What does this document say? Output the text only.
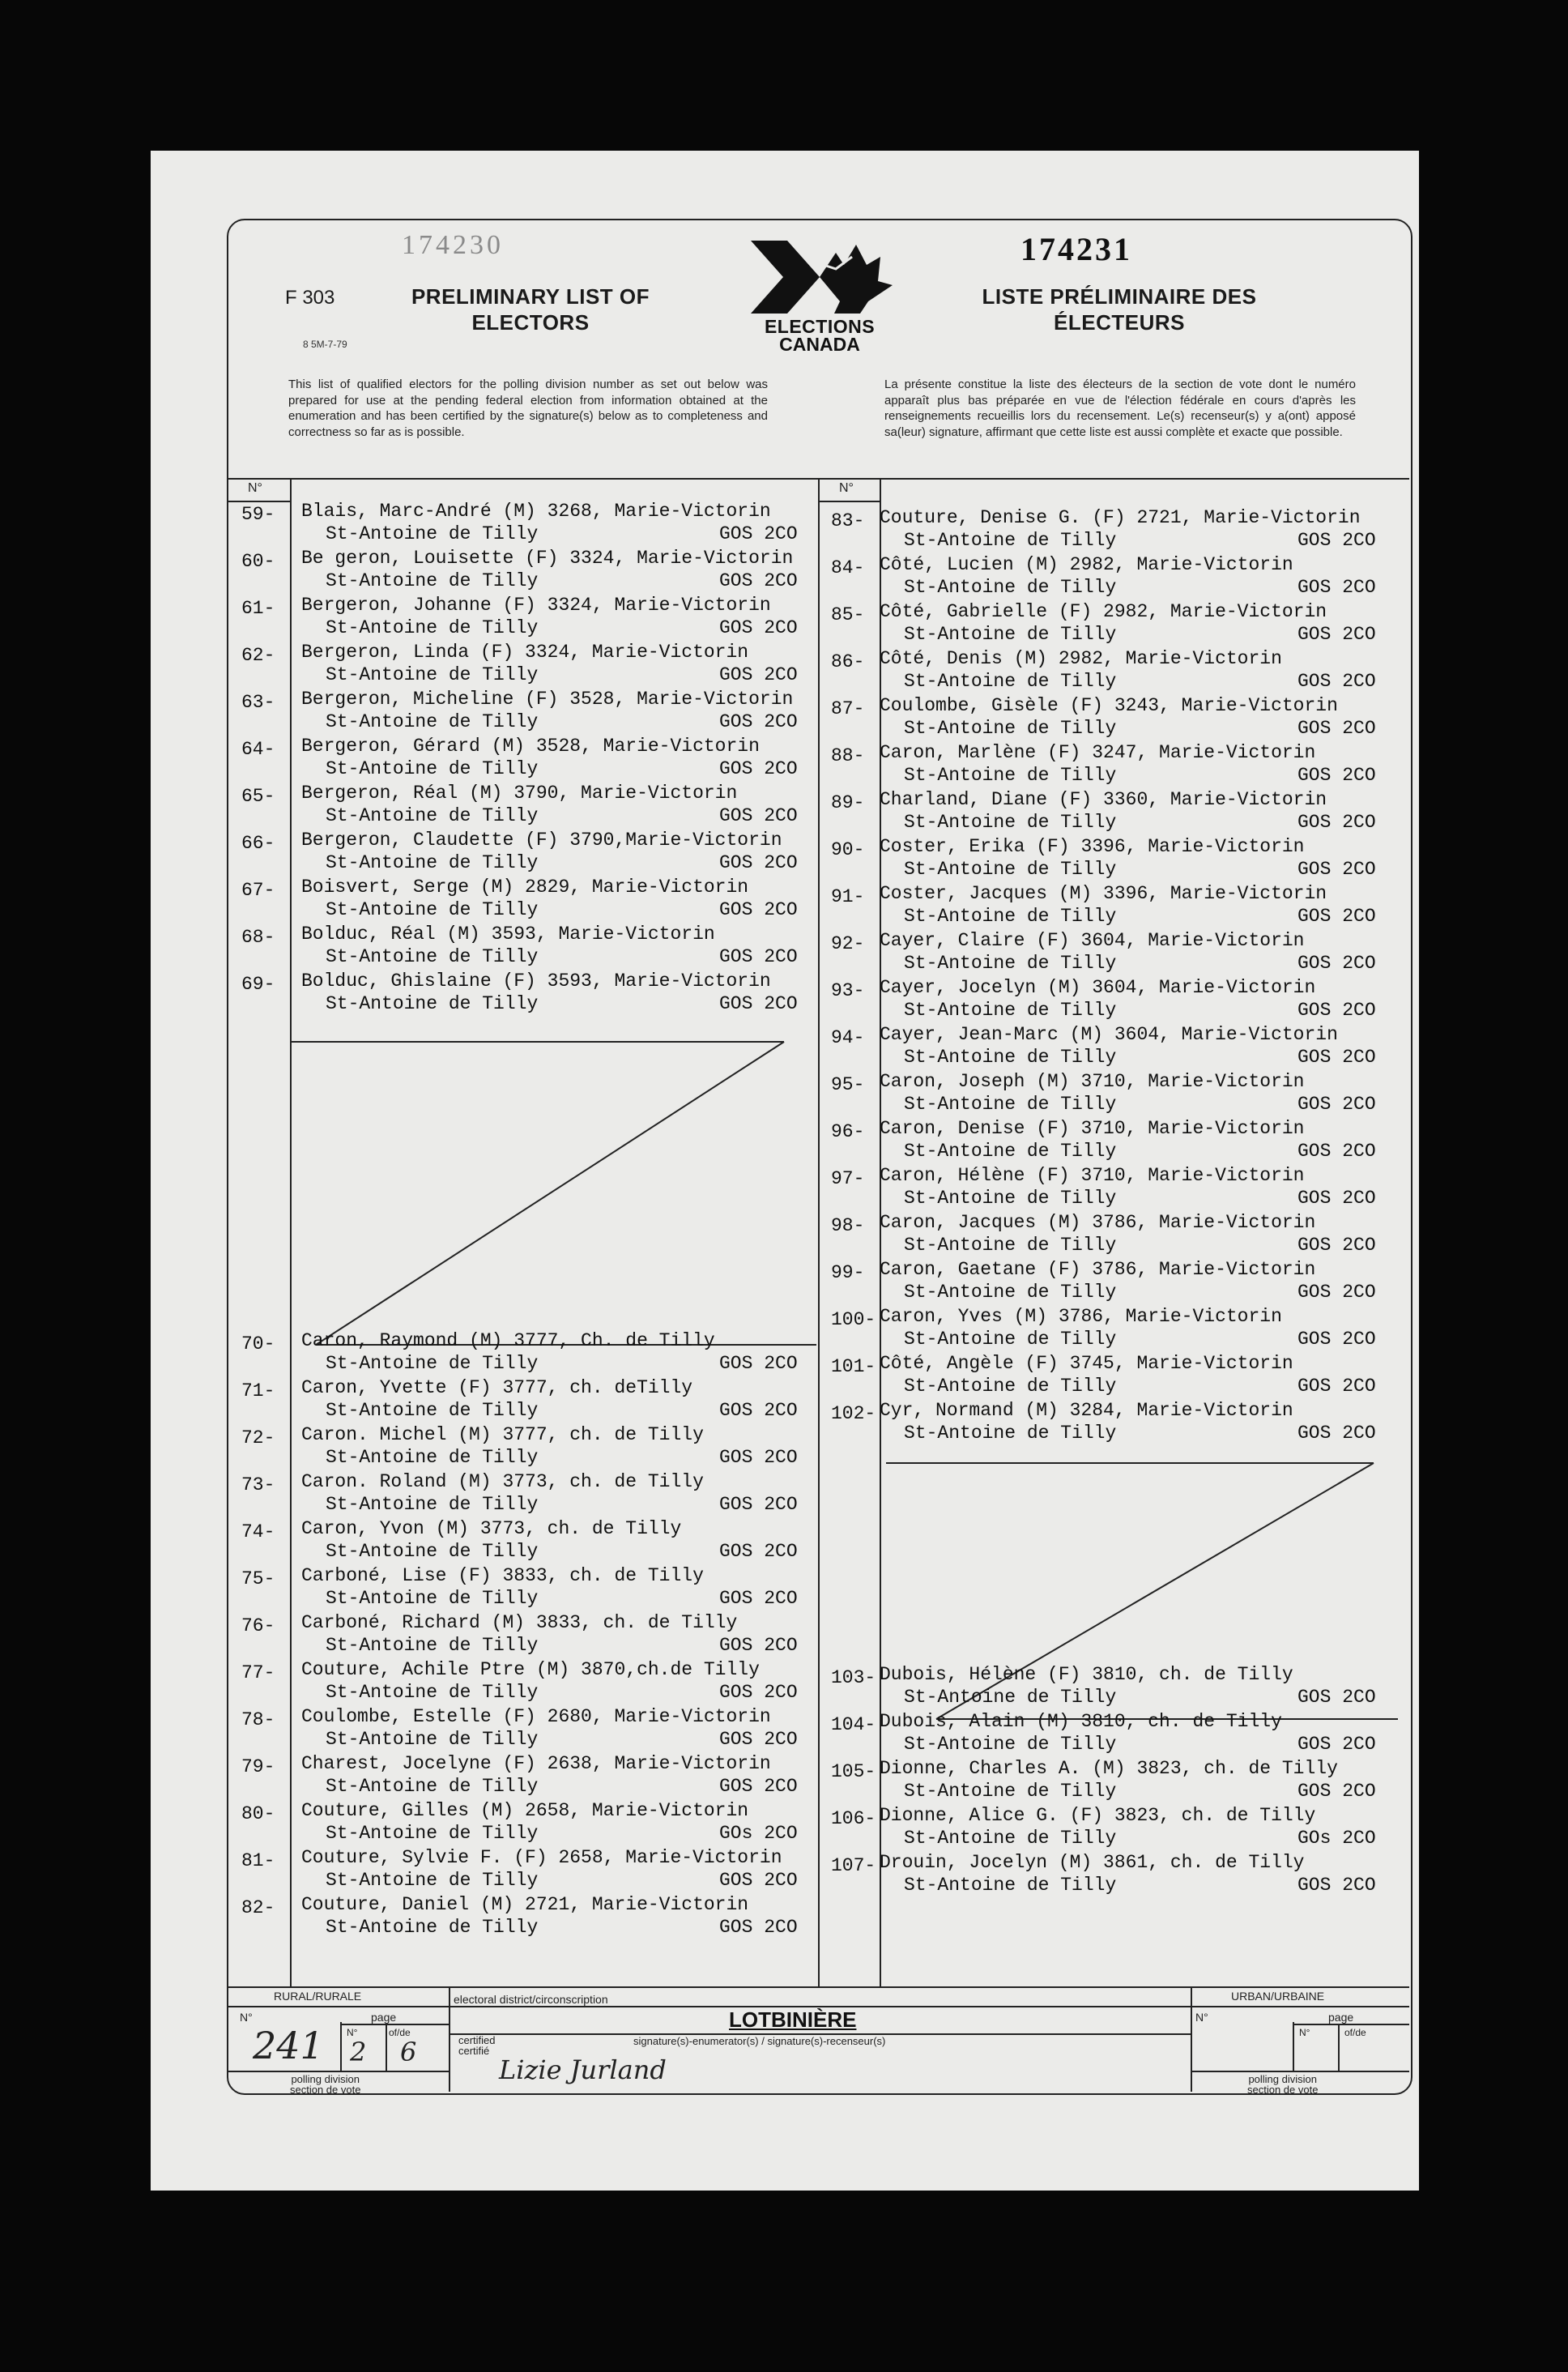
174230	174231
F 303
8 5M-7-79
PRELIMINARY LIST OF
ELECTORS
LISTE PRÉLIMINAIRE DES
ÉLECTEURS
ELECTIONS
CANADA
This list of qualified electors for the polling division number as set out below was prepared for use at the pending federal election from information obtained at the enumeration and has been certified by the signature(s) below as to completeness and correctness so far as is possible.
La présente constitue la liste des électeurs de la section de vote dont le numéro apparaît plus bas préparée en vue de l'élection fédérale en cours d'après les renseignements recueillis lors du recensement. Le(s) recenseur(s) y a(ont) apposé sa(leur) signature, affirmant que cette liste est aussi complète et exacte que possible.
N°	N°
59- Blais, Marc-André (M) 3268, Marie-Victorin
St-Antoine de Tilly	GOS 2CO
60- Be geron, Louisette (F) 3324, Marie-Victorin
St-Antoine de Tilly	GOS 2CO
61- Bergeron, Johanne (F) 3324, Marie-Victorin
St-Antoine de Tilly	GOS 2CO
62- Bergeron, Linda (F) 3324, Marie-Victorin
St-Antoine de Tilly	GOS 2CO
63- Bergeron, Micheline (F) 3528, Marie-Victorin
St-Antoine de Tilly	GOS 2CO
64- Bergeron, Gérard (M) 3528, Marie-Victorin
St-Antoine de Tilly	GOS 2CO
65- Bergeron, Réal (M) 3790, Marie-Victorin
St-Antoine de Tilly	GOS 2CO
66- Bergeron, Claudette (F) 3790,Marie-Victorin
St-Antoine de Tilly	GOS 2CO
67- Boisvert, Serge (M) 2829, Marie-Victorin
St-Antoine de Tilly	GOS 2CO
68- Bolduc, Réal (M) 3593, Marie-Victorin
St-Antoine de Tilly	GOS 2CO
69- Bolduc, Ghislaine (F) 3593, Marie-Victorin
St-Antoine de Tilly	GOS 2CO
70- Caron, Raymond (M) 3777, Ch. de Tilly
St-Antoine de Tilly	GOS 2CO
71- Caron, Yvette (F) 3777, ch. deTilly
St-Antoine de Tilly	GOS 2CO
72- Caron. Michel (M) 3777, ch. de Tilly
St-Antoine de Tilly	GOS 2CO
73- Caron. Roland (M) 3773, ch. de Tilly
St-Antoine de Tilly	GOS 2CO
74- Caron, Yvon (M) 3773, ch. de Tilly
St-Antoine de Tilly	GOS 2CO
75- Carboné, Lise (F) 3833, ch. de Tilly
St-Antoine de Tilly	GOS 2CO
76- Carboné, Richard (M) 3833, ch. de Tilly
St-Antoine de Tilly	GOS 2CO
77- Couture, Achile Ptre (M) 3870,ch.de Tilly
St-Antoine de Tilly	GOS 2CO
78- Coulombe, Estelle (F) 2680, Marie-Victorin
St-Antoine de Tilly	GOS 2CO
79- Charest, Jocelyne (F) 2638, Marie-Victorin
St-Antoine de Tilly	GOS 2CO
80- Couture, Gilles (M) 2658, Marie-Victorin
St-Antoine de Tilly	GOs 2CO
81- Couture, Sylvie F. (F) 2658, Marie-Victorin
St-Antoine de Tilly	GOS 2CO
82- Couture, Daniel (M) 2721, Marie-Victorin
St-Antoine de Tilly	GOS 2CO
83- Couture, Denise G. (F) 2721, Marie-Victorin
St-Antoine de Tilly	GOS 2CO
84- Côté, Lucien (M) 2982, Marie-Victorin
St-Antoine de Tilly	GOS 2CO
85- Côté, Gabrielle (F) 2982, Marie-Victorin
St-Antoine de Tilly	GOS 2CO
86- Côté, Denis (M) 2982, Marie-Victorin
St-Antoine de Tilly	GOS 2CO
87- Coulombe, Gisèle (F) 3243, Marie-Victorin
St-Antoine de Tilly	GOS 2CO
88- Caron, Marlène (F) 3247, Marie-Victorin
St-Antoine de Tilly	GOS 2CO
89- Charland, Diane (F) 3360, Marie-Victorin
St-Antoine de Tilly	GOS 2CO
90- Coster, Erika (F) 3396, Marie-Victorin
St-Antoine de Tilly	GOS 2CO
91- Coster, Jacques (M) 3396, Marie-Victorin
St-Antoine de Tilly	GOS 2CO
92- Cayer, Claire (F) 3604, Marie-Victorin
St-Antoine de Tilly	GOS 2CO
93- Cayer, Jocelyn (M) 3604, Marie-Victorin
St-Antoine de Tilly	GOS 2CO
94- Cayer, Jean-Marc (M) 3604, Marie-Victorin
St-Antoine de Tilly	GOS 2CO
95- Caron, Joseph (M) 3710, Marie-Victorin
St-Antoine de Tilly	GOS 2CO
96- Caron, Denise (F) 3710, Marie-Victorin
St-Antoine de Tilly	GOS 2CO
97- Caron, Hélène (F) 3710, Marie-Victorin
St-Antoine de Tilly	GOS 2CO
98- Caron, Jacques (M) 3786, Marie-Victorin
St-Antoine de Tilly	GOS 2CO
99- Caron, Gaetane (F) 3786, Marie-Victorin
St-Antoine de Tilly	GOS 2CO
100- Caron, Yves (M) 3786, Marie-Victorin
St-Antoine de Tilly	GOS 2CO
101- Côté, Angèle (F) 3745, Marie-Victorin
St-Antoine de Tilly	GOS 2CO
102- Cyr, Normand (M) 3284, Marie-Victorin
St-Antoine de Tilly	GOS 2CO
103- Dubois, Hélène (F) 3810, ch. de Tilly
St-Antoine de Tilly	GOS 2CO
104- Dubois, Alain (M) 3810, ch. de Tilly
St-Antoine de Tilly	GOS 2CO
105- Dionne, Charles A. (M) 3823, ch. de Tilly
St-Antoine de Tilly	GOS 2CO
106- Dionne, Alice G. (F) 3823, ch. de Tilly
St-Antoine de Tilly	GOs 2CO
107- Drouin, Jocelyn (M) 3861, ch. de Tilly
St-Antoine de Tilly	GOS 2CO
RURAL/RURALE	URBAN/URBAINE
electoral district/circonscription
LOTBINIÈRE
N°	page
N°	of/de
241 2 6
polling division
section de vote
certified
certifié
signature(s)-enumerator(s) / signature(s)-recenseur(s)
Lizie Jurland
N°	page
N°	of/de
polling division
section de vote
